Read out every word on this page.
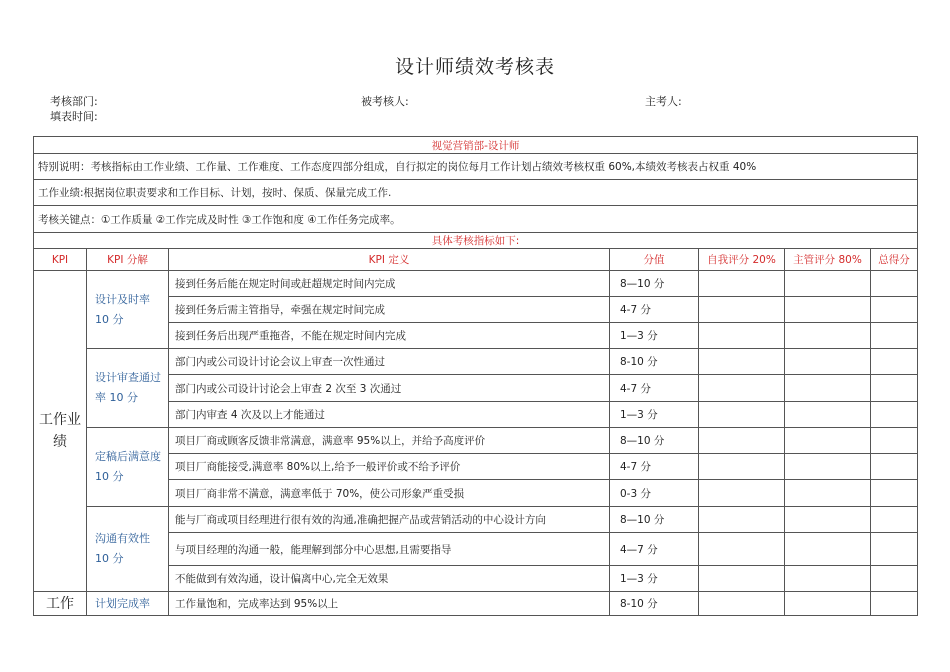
设计师绩效考核表
考核部门:	被考核人:	主考人:
填表时间:
视觉营销部-设计师						
特别说明：考核指标由工作业绩、工作量、工作难度、工作态度四部分组成，自行拟定的岗位每月工作计划占绩效考核权重 60%,本绩效考核表占权重 40%						
工作业绩:根据岗位职责要求和工作目标、计划，按时、保质、保量完成工作.						
考核关键点：①工作质量 ②工作完成及时性 ③工作饱和度 ④工作任务完成率。						
具体考核指标如下:						
KPI	KPI 分解	KPI 定义	分值	自我评分 20%	主管评分 80%	总得分
工作业绩	设计及时率 10 分	接到任务后能在规定时间或赶超规定时间内完成	8—10 分			
		接到任务后需主管指导，牵强在规定时间完成	4-7 分			
		接到任务后出现严重拖沓，不能在规定时间内完成	1—3 分			
	设计审查通过率 10 分	部门内或公司设计讨论会议上审查一次性通过	8-10 分			
		部门内或公司设计讨论会上审查 2 次至 3 次通过	4-7 分			
		部门内审查 4 次及以上才能通过	1—3 分			
	定稿后满意度 10 分	项目厂商或顾客反馈非常满意，满意率 95%以上，并给予高度评价	8—10 分			
		项目厂商能接受,满意率 80%以上,给予一般评价或不给予评价	4-7 分			
		项目厂商非常不满意，满意率低于 70%，使公司形象严重受损	0-3 分			
	沟通有效性 10 分	能与厂商或项目经理进行很有效的沟通,准确把握产品或营销活动的中心设计方向	8—10 分			
		与项目经理的沟通一般，能理解到部分中心思想,且需要指导	4—7 分			
		不能做到有效沟通，设计偏离中心,完全无效果	1—3 分			
工作	计划完成率	工作量饱和，完成率达到 95%以上	8-10 分			
